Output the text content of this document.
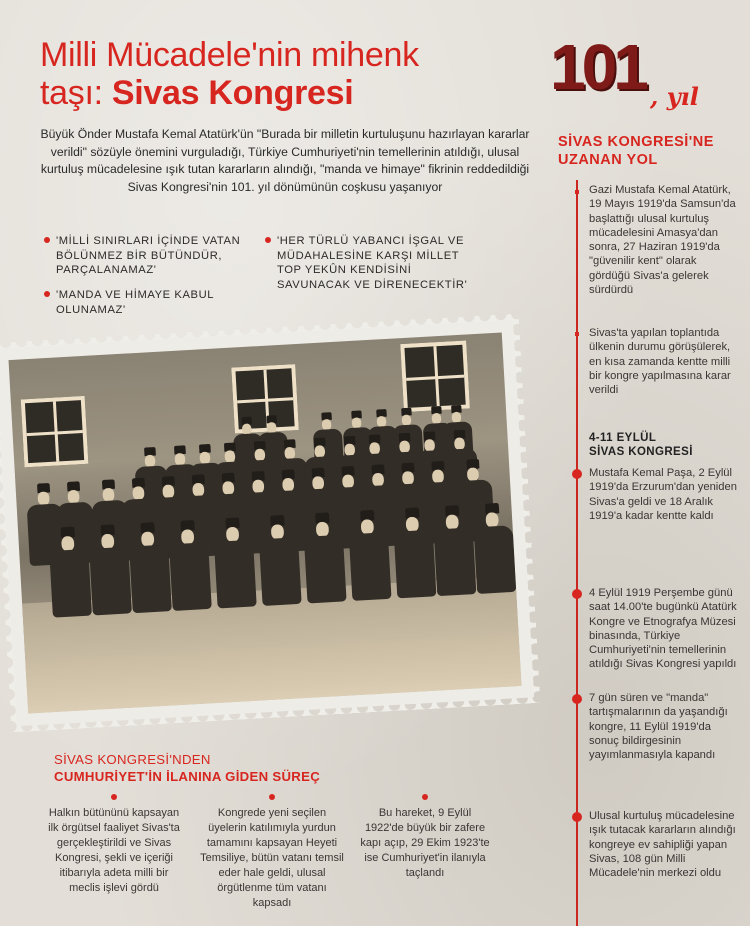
Milli Mücadele'nin mihenk
taşı: Sivas Kongresi
Büyük Önder Mustafa Kemal Atatürk'ün "Burada bir milletin kurtuluşunu hazırlayan kararlar verildi" sözüyle önemini vurguladığı, Türkiye Cumhuriyeti'nin temellerinin atıldığı, ulusal kurtuluş mücadelesine ışık tutan kararların alındığı, "manda ve himaye" fikrinin reddedildiği Sivas Kongresi'nin 101. yıl dönümünün coşkusu yaşanıyor
'MİLLİ SINIRLARI İÇİNDE VATAN BÖLÜNMEZ BİR BÜTÜNDÜR, PARÇALANAMAZ'
'MANDA VE HİMAYE KABUL OLUNAMAZ'
'HER TÜRLÜ YABANCI İŞGAL VE MÜDAHALESİNE KARŞI MİLLET TOP YEKÛN KENDİSİNİ SAVUNACAK VE DİRENECEKTİR'
101 , yıl
SİVAS KONGRESİ'NE
UZANAN YOL
Gazi Mustafa Kemal Atatürk, 19 Mayıs 1919'da Samsun'da başlattığı ulusal kurtuluş mücadelesini Amasya'dan sonra, 27 Haziran 1919'da "güvenilir kent" olarak gördüğü Sivas'a gelerek sürdürdü
Sivas'ta yapılan toplantıda ülkenin durumu görüşülerek, en kısa zamanda kentte milli bir kongre yapılmasına karar verildi
4-11 EYLÜL
SİVAS KONGRESİ
Mustafa Kemal Paşa, 2 Eylül 1919'da Erzurum'dan yeniden Sivas'a geldi ve 18 Aralık 1919'a kadar kentte kaldı
4 Eylül 1919 Perşembe günü saat 14.00'te bugünkü Atatürk Kongre ve Etnografya Müzesi binasında, Türkiye Cumhuriyeti'nin temellerinin atıldığı Sivas Kongresi yapıldı
7 gün süren ve "manda" tartışmalarının da yaşandığı kongre, 11 Eylül 1919'da sonuç bildirgesinin yayımlanmasıyla kapandı
Ulusal kurtuluş mücadelesine ışık tutacak kararların alındığı kongreye ev sahipliği yapan Sivas, 108 gün Milli Mücadele'nin merkezi oldu
SİVAS KONGRESİ'NDEN
CUMHURİYET'İN İLANINA GİDEN SÜREÇ
Halkın bütününü kapsayan ilk örgütsel faaliyet Sivas'ta gerçekleştirildi ve Sivas Kongresi, şekli ve içeriği itibarıyla adeta milli bir meclis işlevi gördü
Kongrede yeni seçilen üyelerin katılımıyla yurdun tamamını kapsayan Heyeti Temsiliye, bütün vatanı temsil eder hale geldi, ulusal örgütlenme tüm vatanı kapsadı
Bu hareket, 9 Eylül 1922'de büyük bir zafere kapı açıp, 29 Ekim 1923'te ise Cumhuriyet'in ilanıyla taçlandı
